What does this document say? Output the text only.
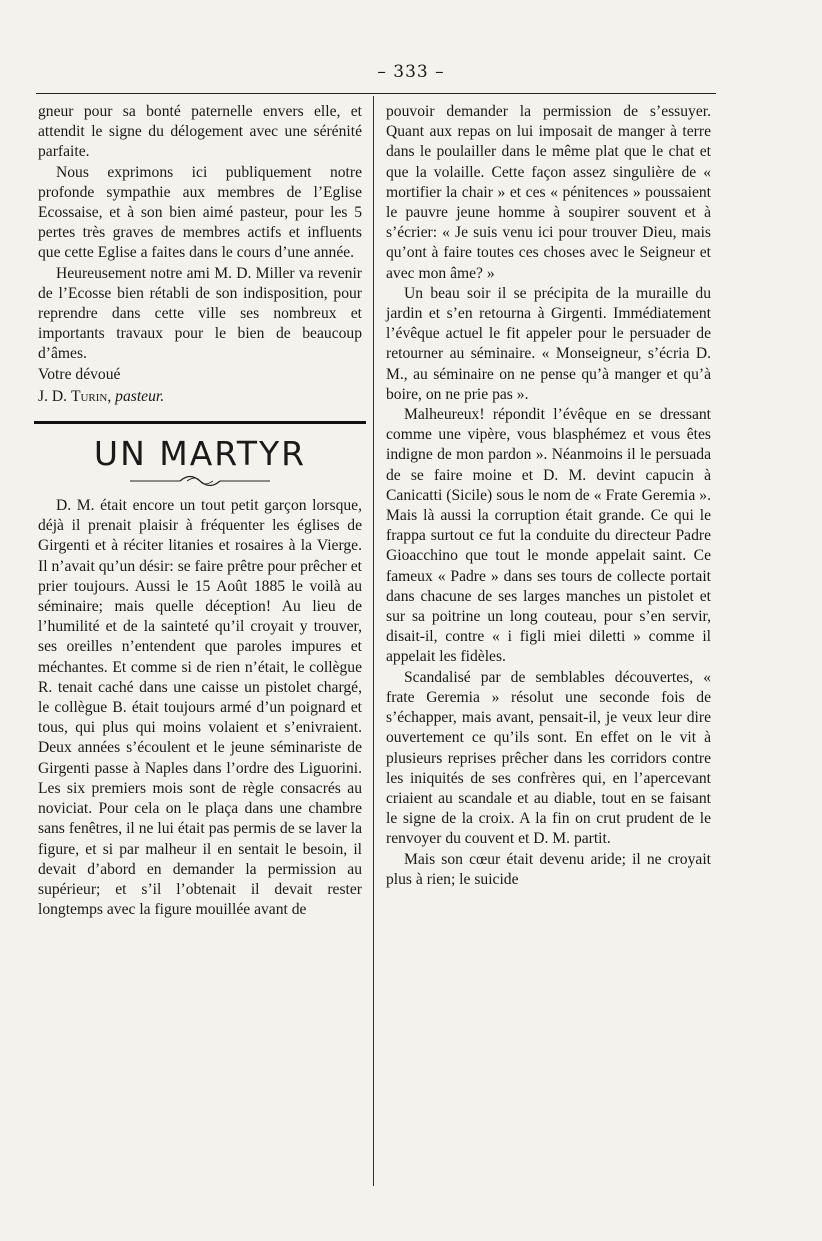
– 333 –

gneur pour sa bonté paternelle envers elle, et attendit le signe du délogement avec une sérénité parfaite.

Nous exprimons ici publiquement notre profonde sympathie aux membres de l’Eglise Ecossaise, et à son bien aimé pasteur, pour les 5 pertes très graves de membres actifs et influents que cette Eglise a faites dans le cours d’une année.

Heureusement notre ami M. D. Miller va revenir de l’Ecosse bien rétabli de son indisposition, pour reprendre dans cette ville ses nombreux et importants travaux pour le bien de beaucoup d’âmes.

Votre dévoué

J. D. Turin, pasteur.

UN MARTYR

D. M. était encore un tout petit garçon lorsque, déjà il prenait plaisir à fréquenter les églises de Girgenti et à réciter litanies et rosaires à la Vierge. Il n’avait qu’un désir: se faire prêtre pour prêcher et prier toujours. Aussi le 15 Août 1885 le voilà au séminaire; mais quelle déception! Au lieu de l’humilité et de la sainteté qu’il croyait y trouver, ses oreilles n’entendent que paroles impures et méchantes. Et comme si de rien n’était, le collègue R. tenait caché dans une caisse un pistolet chargé, le collègue B. était toujours armé d’un poignard et tous, qui plus qui moins volaient et s’enivraient. Deux années s’écoulent et le jeune séminariste de Girgenti passe à Naples dans l’ordre des Liguorini. Les six premiers mois sont de règle consacrés au noviciat. Pour cela on le plaça dans une chambre sans fenêtres, il ne lui était pas permis de se laver la figure, et si par malheur il en sentait le besoin, il devait d’abord en demander la permission au supérieur; et s’il l’obtenait il devait rester longtemps avec la figure mouillée avant de

pouvoir demander la permission de s’essuyer. Quant aux repas on lui imposait de manger à terre dans le poulailler dans le même plat que le chat et que la volaille. Cette façon assez singulière de « mortifier la chair » et ces « pénitences » poussaient le pauvre jeune homme à soupirer souvent et à s’écrier: « Je suis venu ici pour trouver Dieu, mais qu’ont à faire toutes ces choses avec le Seigneur et avec mon âme? »

Un beau soir il se précipita de la muraille du jardin et s’en retourna à Girgenti. Immédiatement l’évêque actuel le fit appeler pour le persuader de retourner au séminaire. « Monseigneur, s’écria D. M., au séminaire on ne pense qu’à manger et qu’à boire, on ne prie pas ».

Malheureux! répondit l’évêque en se dressant comme une vipère, vous blasphémez et vous êtes indigne de mon pardon ». Néanmoins il le persuada de se faire moine et D. M. devint capucin à Canicatti (Sicile) sous le nom de « Frate Geremia ». Mais là aussi la corruption était grande. Ce qui le frappa surtout ce fut la conduite du directeur Padre Gioacchino que tout le monde appelait saint. Ce fameux « Padre » dans ses tours de collecte portait dans chacune de ses larges manches un pistolet et sur sa poitrine un long couteau, pour s’en servir, disait-il, contre « i figli miei diletti » comme il appelait les fidèles.

Scandalisé par de semblables découvertes, « frate Geremia » résolut une seconde fois de s’échapper, mais avant, pensait-il, je veux leur dire ouvertement ce qu’ils sont. En effet on le vit à plusieurs reprises prêcher dans les corridors contre les iniquités de ses confrères qui, en l’apercevant criaient au scandale et au diable, tout en se faisant le signe de la croix. A la fin on crut prudent de le renvoyer du couvent et D. M. partit.

Mais son cœur était devenu aride; il ne croyait plus à rien; le suicide
